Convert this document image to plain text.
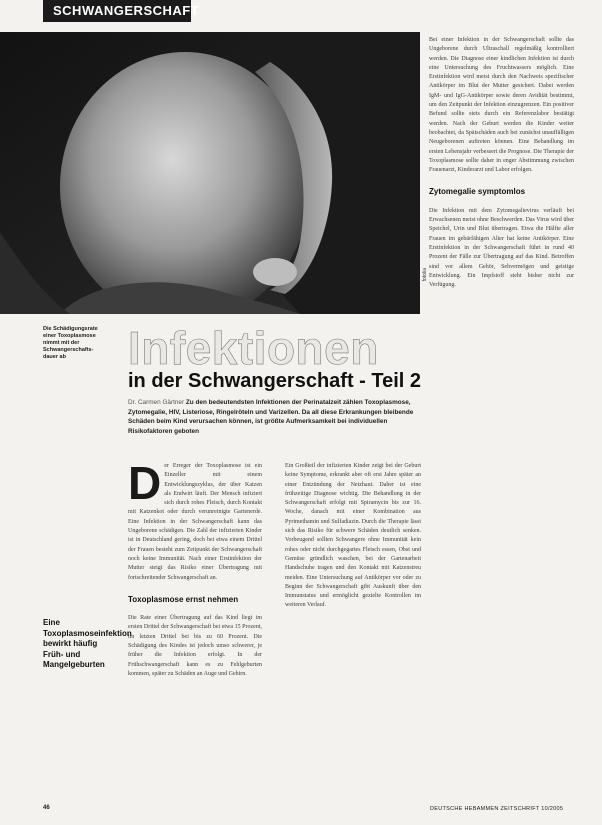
SCHWANGERSCHAFT
fotolia
Die Schädigungsrate einer Toxoplasmose nimmt mit der Schwangerschafts-dauer ab	Infektionen
in der Schwangerschaft - Teil 2
Dr. Carmen Gärtner Zu den bedeutendsten Infektionen der Perinatalzeit zählen Toxoplasmose, Zytomegalie, HIV, Listeriose, Ringelröteln und Varizellen. Da all diese Erkrankungen bleibende Schäden beim Kind verursachen können, ist größte Aufmerksamkeit bei individuellen Risikofaktoren geboten
Eine Toxoplasmoseinfektion bewirkt häufig Früh- und Mangelgeburten

Der Erreger der Toxoplasmose ist ein Einzeller mit einem Entwicklungszyklus, der über Katzen als Endwirt läuft. Der Mensch infiziert sich durch rohes Fleisch, durch Kontakt mit Katzenkot oder durch verunreinigte Gartenerde. Eine Infektion in der Schwangerschaft kann das Ungeborene schädigen. Die Zahl der infizierten Kinder ist in Deutschland gering, doch bei etwa einem Drittel der Frauen besteht zum Zeitpunkt der Schwangerschaft noch keine Immunität. Nach einer Erstinfektion der Mutter steigt das Risiko einer Übertragung mit fortschreitender Schwangerschaft an.

Toxoplasmose ernst nehmen

Die Rate einer Übertragung auf das Kind liegt im ersten Drittel der Schwangerschaft bei etwa 15 Prozent, im letzten Drittel bei bis zu 60 Prozent. Die Schädigung des Kindes ist jedoch umso schwerer, je früher die Infektion erfolgt. In der Frühschwangerschaft kann es zu Fehlgeburten kommen, später zu Schäden an Auge und Gehirn.

Ein Großteil der infizierten Kinder zeigt bei der Geburt keine Symptome, erkrankt aber oft erst Jahre später an einer Entzündung der Netzhaut. Daher ist eine frühzeitige Diagnose wichtig. Die Behandlung in der Schwangerschaft erfolgt mit Spiramycin bis zur 16. Woche, danach mit einer Kombination aus Pyrimethamin und Sulfadiazin. Durch die Therapie lässt sich das Risiko für schwere Schäden deutlich senken. Vorbeugend sollten Schwangere ohne Immunität kein rohes oder nicht durchgegartes Fleisch essen, Obst und Gemüse gründlich waschen, bei der Gartenarbeit Handschuhe tragen und den Kontakt mit Katzenstreu meiden. Eine Untersuchung auf Antikörper vor oder zu Beginn der Schwangerschaft gibt Auskunft über den Immunstatus und ermöglicht gezielte Kontrollen im weiteren Verlauf.

Bei einer Infektion in der Schwangerschaft sollte das Ungeborene durch Ultraschall regelmäßig kontrolliert werden. Die Diagnose einer kindlichen Infektion ist durch eine Untersuchung des Fruchtwassers möglich. Eine Erstinfektion wird meist durch den Nachweis spezifischer Antikörper im Blut der Mutter gesichert. Dabei werden IgM- und IgG-Antikörper sowie deren Avidität bestimmt, um den Zeitpunkt der Infektion einzugrenzen. Ein positiver Befund sollte stets durch ein Referenzlabor bestätigt werden. Nach der Geburt werden die Kinder weiter beobachtet, da Spätschäden auch bei zunächst unauffälligen Neugeborenen auftreten können. Eine Behandlung im ersten Lebensjahr verbessert die Prognose. Die Therapie der Toxoplasmose sollte daher in enger Abstimmung zwischen Frauenarzt, Kinderarzt und Labor erfolgen.

Zytomegalie symptomlos

Die Infektion mit dem Zytomegalievirus verläuft bei Erwachsenen meist ohne Beschwerden. Das Virus wird über Speichel, Urin und Blut übertragen. Etwa die Hälfte aller Frauen im gebärfähigen Alter hat keine Antikörper. Eine Erstinfektion in der Schwangerschaft führt in rund 40 Prozent der Fälle zur Übertragung auf das Kind. Betroffen sind vor allem Gehör, Sehvermögen und geistige Entwicklung. Ein Impfstoff steht bisher nicht zur Verfügung.

46	DEUTSCHE HEBAMMEN ZEITSCHRIFT 10/2005
